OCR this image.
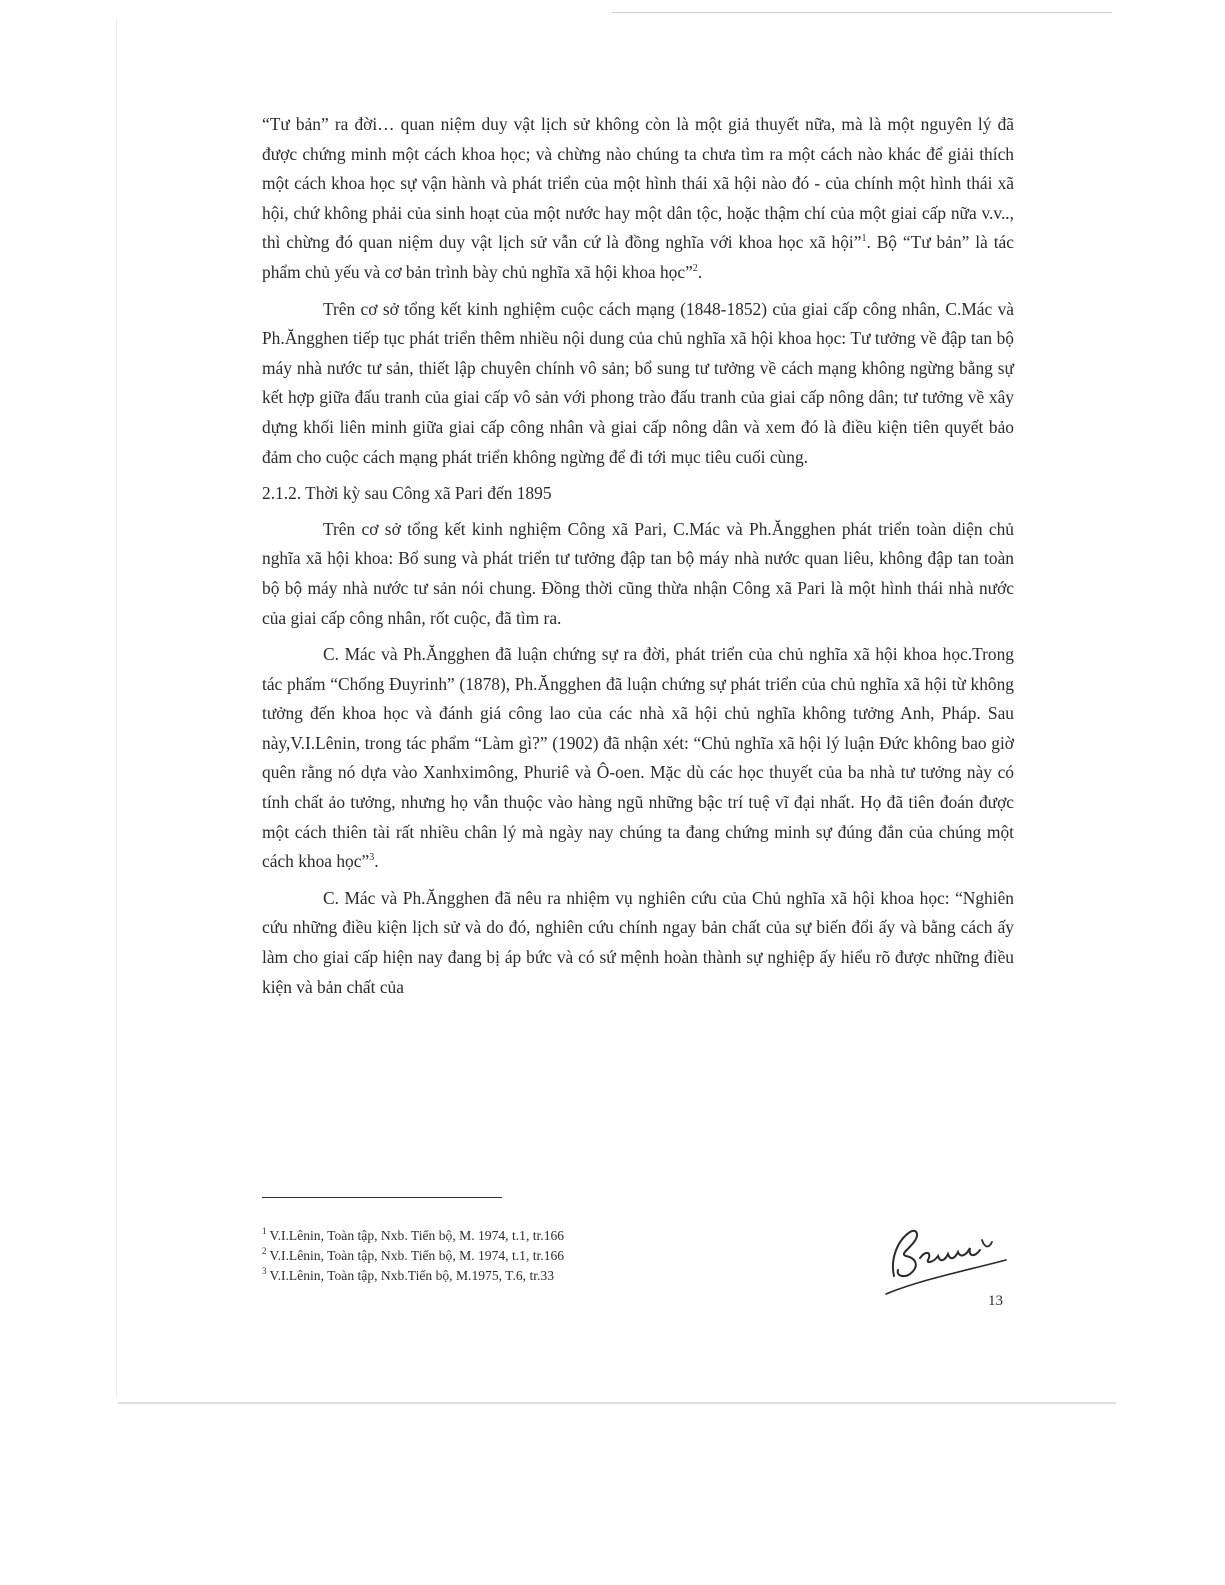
“Tư bản” ra đời… quan niệm duy vật lịch sử không còn là một giả thuyết nữa, mà là một nguyên lý đã được chứng minh một cách khoa học; và chừng nào chúng ta chưa tìm ra một cách nào khác để giải thích một cách khoa học sự vận hành và phát triển của một hình thái xã hội nào đó - của chính một hình thái xã hội, chứ không phải của sinh hoạt của một nước hay một dân tộc, hoặc thậm chí của một giai cấp nữa v.v.., thì chừng đó quan niệm duy vật lịch sử vẫn cứ là đồng nghĩa với khoa học xã hội”$^1$. Bộ “Tư bản” là tác phẩm chủ yếu và cơ bản trình bày chủ nghĩa xã hội khoa học”$^2$.

Trên cơ sở tổng kết kinh nghiệm cuộc cách mạng (1848-1852) của giai cấp công nhân, C.Mác và Ph.Ăngghen tiếp tục phát triển thêm nhiều nội dung của chủ nghĩa xã hội khoa học: Tư tưởng về đập tan bộ máy nhà nước tư sản, thiết lập chuyên chính vô sản; bổ sung tư tưởng về cách mạng không ngừng bằng sự kết hợp giữa đấu tranh của giai cấp vô sản với phong trào đấu tranh của giai cấp nông dân; tư tưởng về xây dựng khối liên minh giữa giai cấp công nhân và giai cấp nông dân và xem đó là điều kiện tiên quyết bảo đảm cho cuộc cách mạng phát triển không ngừng để đi tới mục tiêu cuối cùng.

2.1.2. Thời kỳ sau Công xã Pari đến 1895

Trên cơ sở tổng kết kinh nghiệm Công xã Pari, C.Mác và Ph.Ăngghen phát triển toàn diện chủ nghĩa xã hội khoa: Bổ sung và phát triển tư tưởng đập tan bộ máy nhà nước quan liêu, không đập tan toàn bộ bộ máy nhà nước tư sản nói chung. Đồng thời cũng thừa nhận Công xã Pari là một hình thái nhà nước của giai cấp công nhân, rốt cuộc, đã tìm ra.

C. Mác và Ph.Ăngghen đã luận chứng sự ra đời, phát triển của chủ nghĩa xã hội khoa học.Trong tác phẩm “Chống Đuyrinh” (1878), Ph.Ăngghen đã luận chứng sự phát triển của chủ nghĩa xã hội từ không tưởng đến khoa học và đánh giá công lao của các nhà xã hội chủ nghĩa không tưởng Anh, Pháp. Sau này,V.I.Lênin, trong tác phẩm “Làm gì?” (1902) đã nhận xét: “Chủ nghĩa xã hội lý luận Đức không bao giờ quên rằng nó dựa vào Xanhximông, Phuriê và Ô-oen. Mặc dù các học thuyết của ba nhà tư tưởng này có tính chất ảo tưởng, nhưng họ vẫn thuộc vào hàng ngũ những bậc trí tuệ vĩ đại nhất. Họ đã tiên đoán được một cách thiên tài rất nhiều chân lý mà ngày nay chúng ta đang chứng minh sự đúng đắn của chúng một cách khoa học”$^3$.

C. Mác và Ph.Ăngghen đã nêu ra nhiệm vụ nghiên cứu của Chủ nghĩa xã hội khoa học: “Nghiên cứu những điều kiện lịch sử và do đó, nghiên cứu chính ngay bản chất của sự biến đổi ấy và bằng cách ấy làm cho giai cấp hiện nay đang bị áp bức và có sứ mệnh hoàn thành sự nghiệp ấy hiểu rõ được những điều kiện và bản chất của

$^1$ V.I.Lênin, Toàn tập, Nxb. Tiến bộ, M. 1974, t.1, tr.166
$^2$ V.I.Lênin, Toàn tập, Nxb. Tiến bộ, M. 1974, t.1, tr.166
$^3$ V.I.Lênin, Toàn tập, Nxb.Tiến bộ, M.1975, T.6, tr.33
13
